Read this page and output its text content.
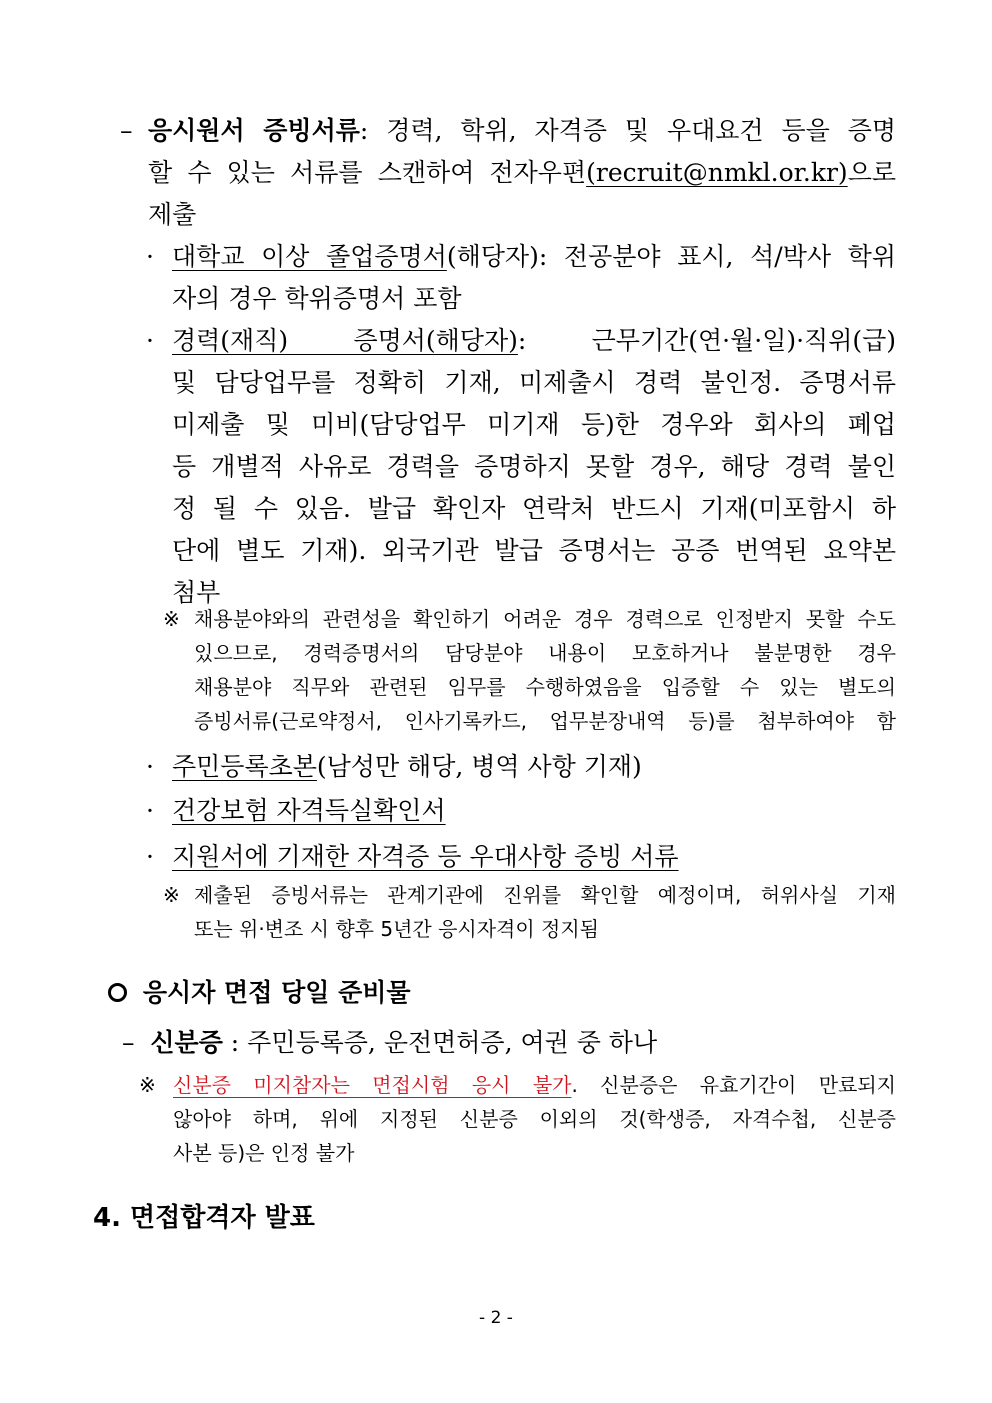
– 응시원서 증빙서류: 경력, 학위, 자격증 및 우대요건 등을 증명
할 수 있는 서류를 스캔하여 전자우편(recruit@nmkl.or.kr)으로
제출
· 대학교 이상 졸업증명서(해당자): 전공분야 표시, 석/박사 학위
자의 경우 학위증명서 포함
· 경력(재직) 증명서(해당자): 근무기간(연·월·일)·직위(급)
및 담당업무를 정확히 기재, 미제출시 경력 불인정. 증명서류
미제출 및 미비(담당업무 미기재 등)한 경우와 회사의 폐업
등 개별적 사유로 경력을 증명하지 못할 경우, 해당 경력 불인
정 될 수 있음. 발급 확인자 연락처 반드시 기재(미포함시 하
단에 별도 기재). 외국기관 발급 증명서는 공증 번역된 요약본
첨부
※ 채용분야와의 관련성을 확인하기 어려운 경우 경력으로 인정받지 못할 수도
있으므로, 경력증명서의 담당분야 내용이 모호하거나 불분명한 경우
채용분야 직무와 관련된 임무를 수행하였음을 입증할 수 있는 별도의
증빙서류(근로약정서, 인사기록카드, 업무분장내역 등)를 첨부하여야 함
· 주민등록초본(남성만 해당, 병역 사항 기재)
· 건강보험 자격득실확인서
· 지원서에 기재한 자격증 등 우대사항 증빙 서류
※ 제출된 증빙서류는 관계기관에 진위를 확인할 예정이며, 허위사실 기재
또는 위·변조 시 향후 5년간 응시자격이 정지됨
응시자 면접 당일 준비물
– 신분증 : 주민등록증, 운전면허증, 여권 중 하나
※ 신분증 미지참자는 면접시험 응시 불가. 신분증은 유효기간이 만료되지
않아야 하며, 위에 지정된 신분증 이외의 것(학생증, 자격수첩, 신분증
사본 등)은 인정 불가
4. 면접합격자 발표
- 2 -
